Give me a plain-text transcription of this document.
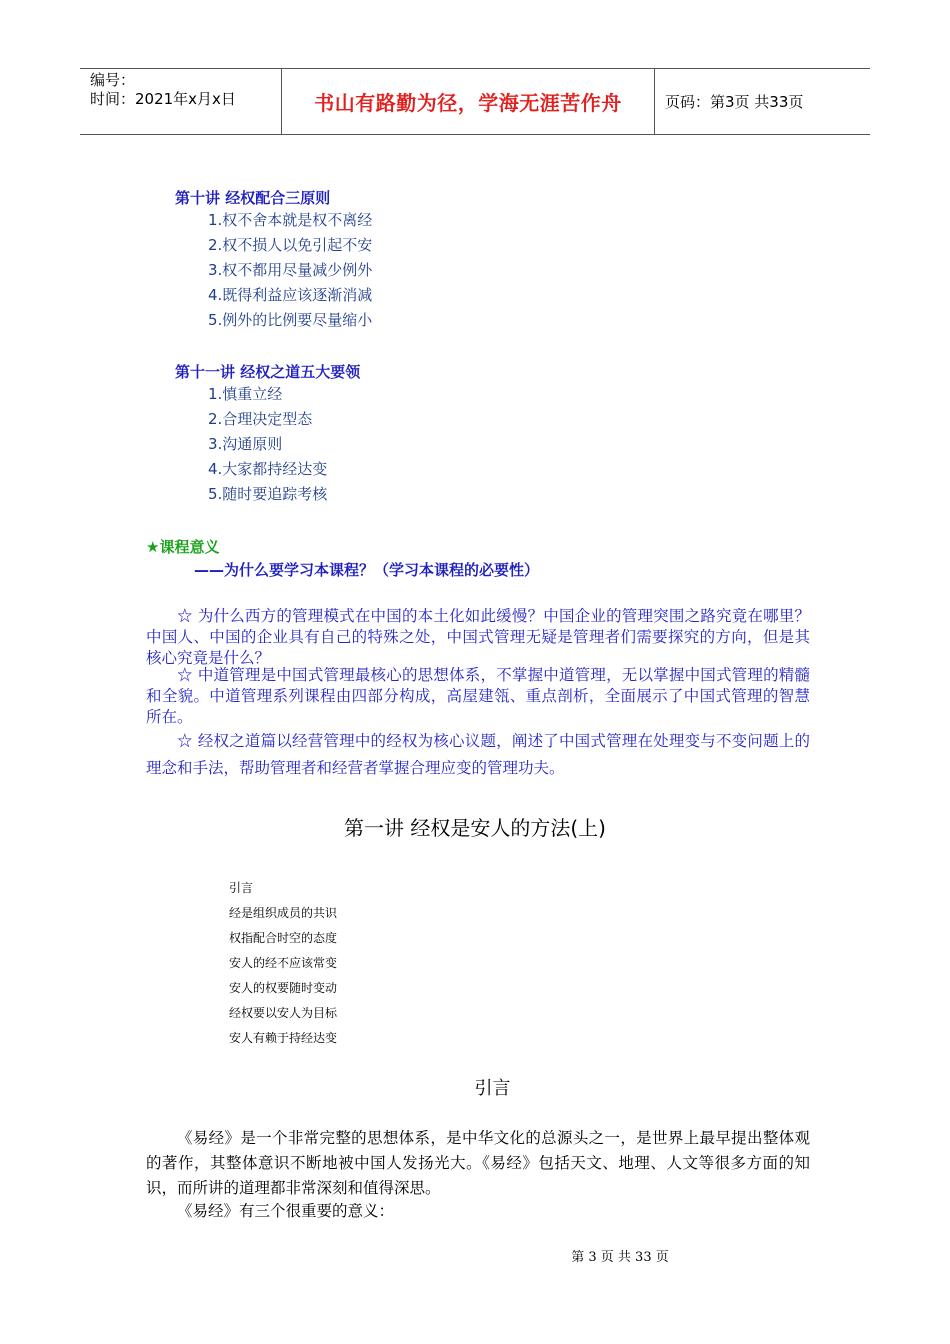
编号：
时间：2021年x月x日	书山有路勤为径，学海无涯苦作舟	页码：第3页 共33页
第十讲 经权配合三原则
1.权不舍本就是权不离经
2.权不损人以免引起不安
3.权不都用尽量减少例外
4.既得利益应该逐渐消减
5.例外的比例要尽量缩小
第十一讲 经权之道五大要领
1.慎重立经
2.合理决定型态
3.沟通原则
4.大家都持经达变
5.随时要追踪考核
★课程意义
——为什么要学习本课程？（学习本课程的必要性）

☆ 为什么西方的管理模式在中国的本土化如此缓慢？中国企业的管理突围之路究竟在哪里？中国人、中国的企业具有自己的特殊之处，中国式管理无疑是管理者们需要探究的方向，但是其核心究竟是什么？

☆ 中道管理是中国式管理最核心的思想体系，不掌握中道管理，无以掌握中国式管理的精髓和全貌。中道管理系列课程由四部分构成，高屋建瓴、重点剖析，全面展示了中国式管理的智慧所在。

☆ 经权之道篇以经营管理中的经权为核心议题，阐述了中国式管理在处理变与不变问题上的理念和手法，帮助管理者和经营者掌握合理应变的管理功夫。

第一讲 经权是安人的方法(上)
引言
经是组织成员的共识
权指配合时空的态度
安人的经不应该常变
安人的权要随时变动
经权要以安人为目标
安人有赖于持经达变
引言

《易经》是一个非常完整的思想体系，是中华文化的总源头之一，是世界上最早提出整体观的著作，其整体意识不断地被中国人发扬光大。《易经》包括天文、地理、人文等很多方面的知识，而所讲的道理都非常深刻和值得深思。

《易经》有三个很重要的意义：

第 3 页 共 33 页
